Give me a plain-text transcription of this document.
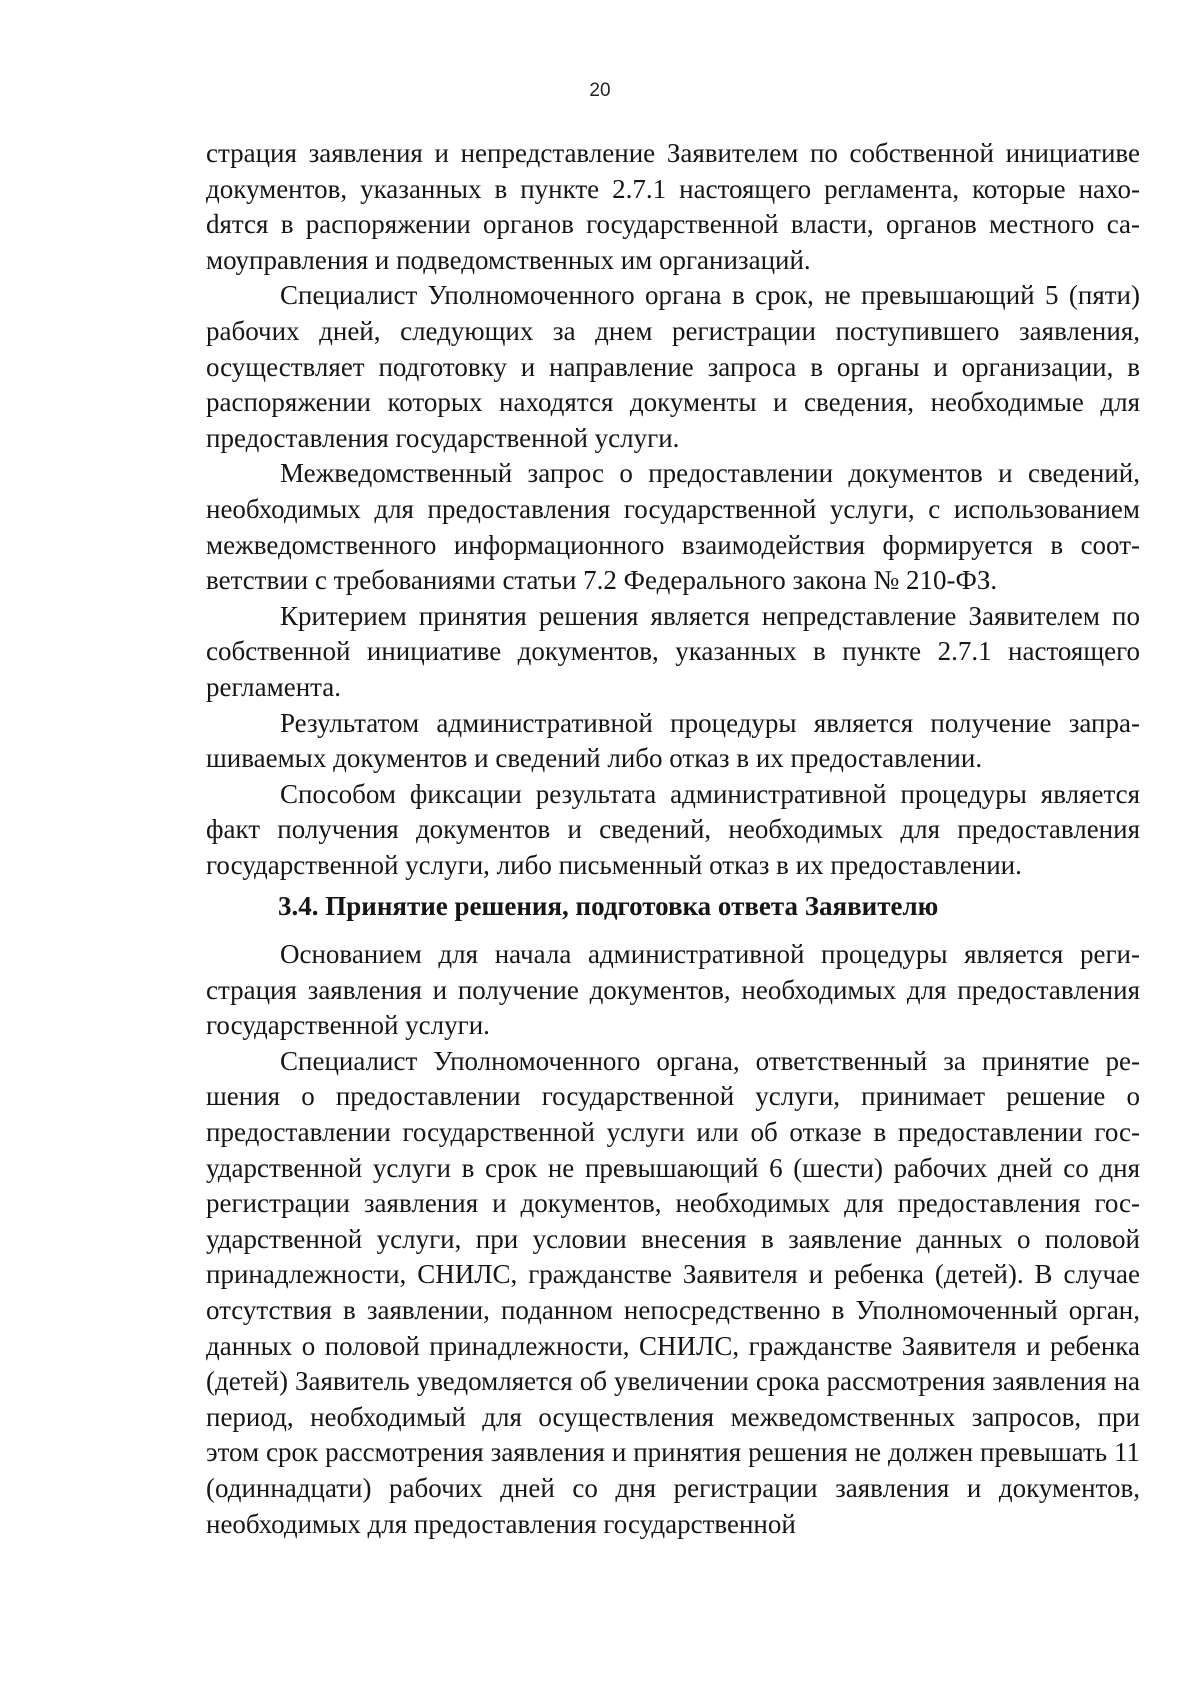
20

страция заявления и непредставление Заявителем по собственной инициативе документов, указанных в пункте 2.7.1 настоящего регламента, которые нахоdятся в распоряжении органов государственной власти, органов местного самоуправления и подведомственных им организаций.

Специалист Уполномоченного органа в срок, не превышающий 5 (пяти) рабочих дней, следующих за днем регистрации поступившего заявления, осуществляет подготовку и направление запроса в органы и организации, в распоряжении которых находятся документы и сведения, необходимые для предоставления государственной услуги.

Межведомственный запрос о предоставлении документов и сведений, необходимых для предоставления государственной услуги, с использованием межведомственного информационного взаимодействия формируется в соответствии с требованиями статьи 7.2 Федерального закона № 210-ФЗ.

Критерием принятия решения является непредставление Заявителем по собственной инициативе документов, указанных в пункте 2.7.1 настоящего регламента.

Результатом административной процедуры является получение запрашиваемых документов и сведений либо отказ в их предоставлении.

Способом фиксации результата административной процедуры является факт получения документов и сведений, необходимых для предоставления государственной услуги, либо письменный отказ в их предоставлении.

3.4. Принятие решения, подготовка ответа Заявителю

Основанием для начала административной процедуры является регистрация заявления и получение документов, необходимых для предоставления государственной услуги.

Специалист Уполномоченного органа, ответственный за принятие решения о предоставлении государственной услуги, принимает решение о предоставлении государственной услуги или об отказе в предоставлении государственной услуги в срок не превышающий 6 (шести) рабочих дней со дня регистрации заявления и документов, необходимых для предоставления государственной услуги, при условии внесения в заявление данных о половой принадлежности, СНИЛС, гражданстве Заявителя и ребенка (детей). В случае отсутствия в заявлении, поданном непосредственно в Уполномоченный орган, данных о половой принадлежности, СНИЛС, гражданстве Заявителя и ребенка (детей) Заявитель уведомляется об увеличении срока рассмотрения заявления на период, необходимый для осуществления межведомственных запросов, при этом срок рассмотрения заявления и принятия решения не должен превышать 11 (одиннадцати) рабочих дней со дня регистрации заявления и документов, необходимых для предоставления государственной
